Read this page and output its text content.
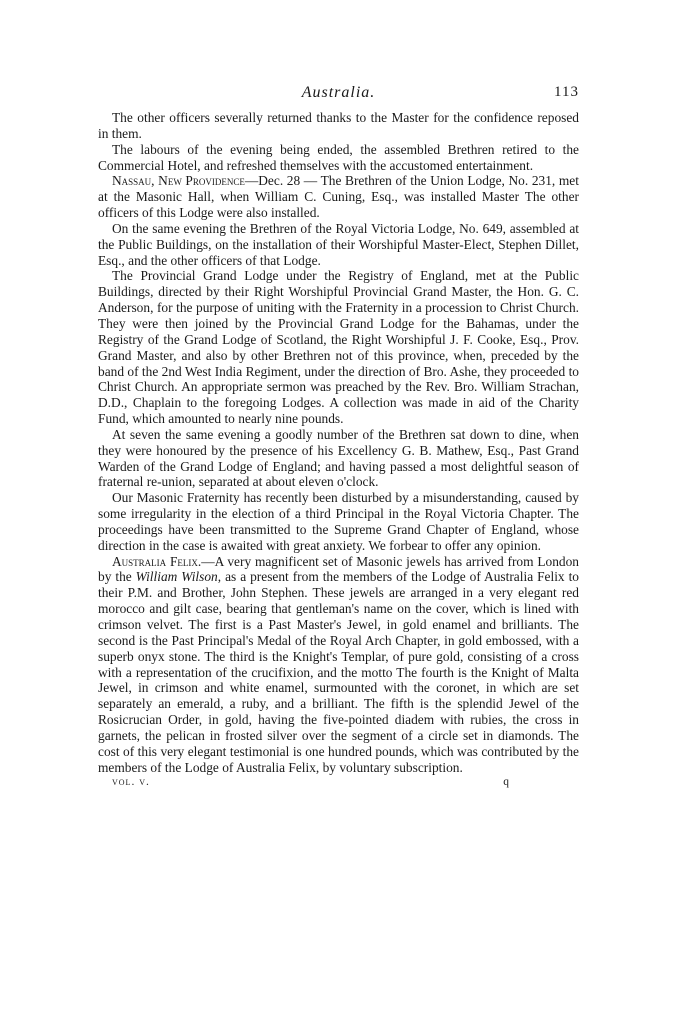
Australia.	113

The other officers severally returned thanks to the Master for the confidence reposed in them.

The labours of the evening being ended, the assembled Brethren retired to the Commercial Hotel, and refreshed themselves with the accustomed entertainment.

Nassau, New Providence—Dec. 28 — The Brethren of the Union Lodge, No. 231, met at the Masonic Hall, when William C. Cuning, Esq., was installed Master The other officers of this Lodge were also installed.

On the same evening the Brethren of the Royal Victoria Lodge, No. 649, assembled at the Public Buildings, on the installation of their Worshipful Master-Elect, Stephen Dillet, Esq., and the other officers of that Lodge.

The Provincial Grand Lodge under the Registry of England, met at the Public Buildings, directed by their Right Worshipful Provincial Grand Master, the Hon. G. C. Anderson, for the purpose of uniting with the Fraternity in a procession to Christ Church. They were then joined by the Provincial Grand Lodge for the Bahamas, under the Registry of the Grand Lodge of Scotland, the Right Worshipful J. F. Cooke, Esq., Prov. Grand Master, and also by other Brethren not of this province, when, preceded by the band of the 2nd West India Regiment, under the direction of Bro. Ashe, they proceeded to Christ Church. An appropriate sermon was preached by the Rev. Bro. William Strachan, D.D., Chaplain to the foregoing Lodges. A collection was made in aid of the Charity Fund, which amounted to nearly nine pounds.

At seven the same evening a goodly number of the Brethren sat down to dine, when they were honoured by the presence of his Excellency G. B. Mathew, Esq., Past Grand Warden of the Grand Lodge of England; and having passed a most delightful season of fraternal re-union, separated at about eleven o'clock.

Our Masonic Fraternity has recently been disturbed by a misunderstanding, caused by some irregularity in the election of a third Principal in the Royal Victoria Chapter. The proceedings have been transmitted to the Supreme Grand Chapter of England, whose direction in the case is awaited with great anxiety. We forbear to offer any opinion.

Australia Felix.—A very magnificent set of Masonic jewels has arrived from London by the William Wilson, as a present from the members of the Lodge of Australia Felix to their P.M. and Brother, John Stephen. These jewels are arranged in a very elegant red morocco and gilt case, bearing that gentleman's name on the cover, which is lined with crimson velvet. The first is a Past Master's Jewel, in gold enamel and brilliants. The second is the Past Principal's Medal of the Royal Arch Chapter, in gold embossed, with a superb onyx stone. The third is the Knight's Templar, of pure gold, consisting of a cross with a representation of the crucifixion, and the motto The fourth is the Knight of Malta Jewel, in crimson and white enamel, surmounted with the coronet, in which are set separately an emerald, a ruby, and a brilliant. The fifth is the splendid Jewel of the Rosicrucian Order, in gold, having the five-pointed diadem with rubies, the cross in garnets, the pelican in frosted silver over the segment of a circle set in diamonds. The cost of this very elegant testimonial is one hundred pounds, which was contributed by the members of the Lodge of Australia Felix, by voluntary subscription.

vol. v.	q
